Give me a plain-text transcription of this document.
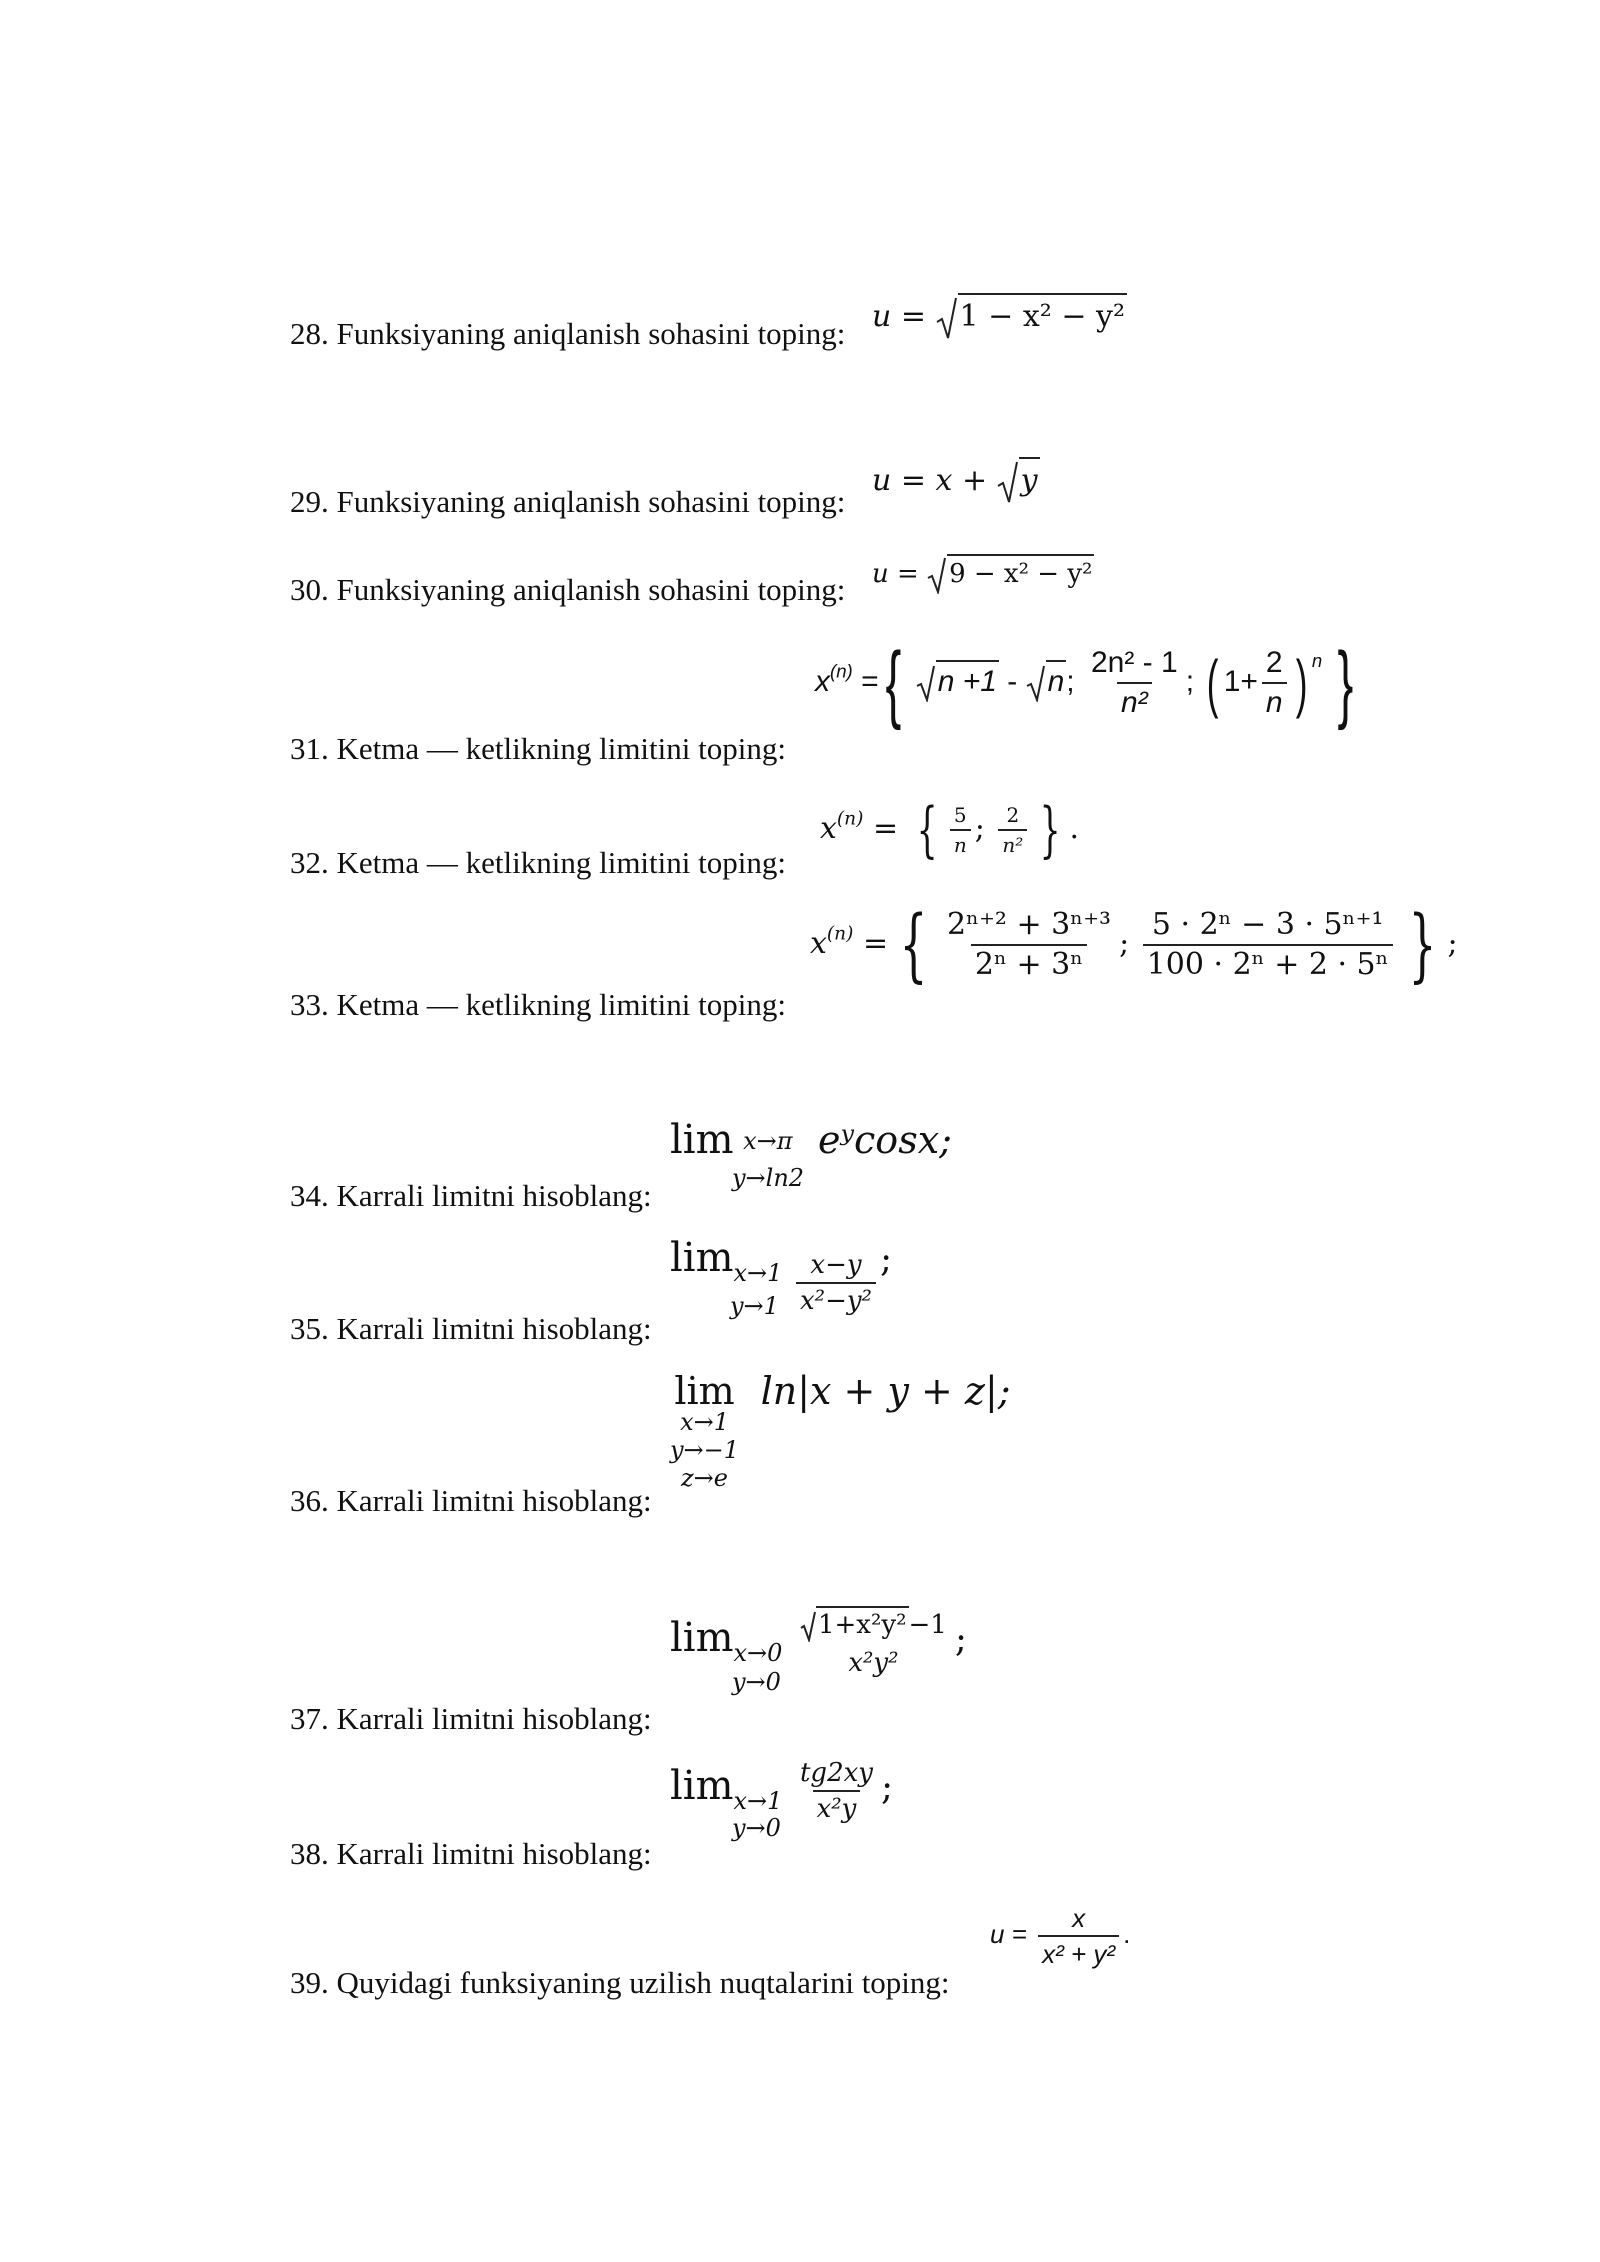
28. Funksiyaning aniqlanish sohasini toping:
29. Funksiyaning aniqlanish sohasini toping:
30. Funksiyaning aniqlanish sohasini toping:
31. Ketma — ketlikning limitini toping:
32. Ketma — ketlikning limitini toping:
33. Ketma — ketlikning limitini toping:
34. Karrali limitni hisoblang:
35. Karrali limitni hisoblang:
36. Karrali limitni hisoblang:
37. Karrali limitni hisoblang:
38. Karrali limitni hisoblang:
39. Quyidagi funksiyaning uzilish nuqtalarini toping:
u = 1 − x² − y²
u = x + y
u = 9 − x² − y²
$x^{(n)}$ ={ n +1 - n; $\frac{\text{2n² - 1}}{\text{n²}}$ ; ( $1+ \frac{2}{n}$ ) $^n$ }
$x^{(n)}$ = { $\frac{5}{n}$ ; $\frac{2}{\text{n²}}$ } .
$x^{(n)}$ = { $\frac{\text{2ⁿ⁺² + 3ⁿ⁺³}}{\text{2ⁿ + 3ⁿ}}$ ; $\frac{\text{5 · 2ⁿ − 3 · 5ⁿ⁺¹}}{\text{100 · 2ⁿ + 2 · 5ⁿ}}$ } ;
lim x→π eʸcosx;
y→ln2
$\lim_{x\to 1} \frac{x-y}{\text{x²−y²}}$ ;
y→1
lim
x→1
y→−1
z→e
ln|x + y + z|;
$\lim_{x\to 0}$
1+x²y²−1
x²y²
;
y→0
$\lim_{x\to 1} \frac{tg2xy}{\text{x²y}}$ ;
y→0
$u = \frac{x}{\text{x² + y²}}$ .
